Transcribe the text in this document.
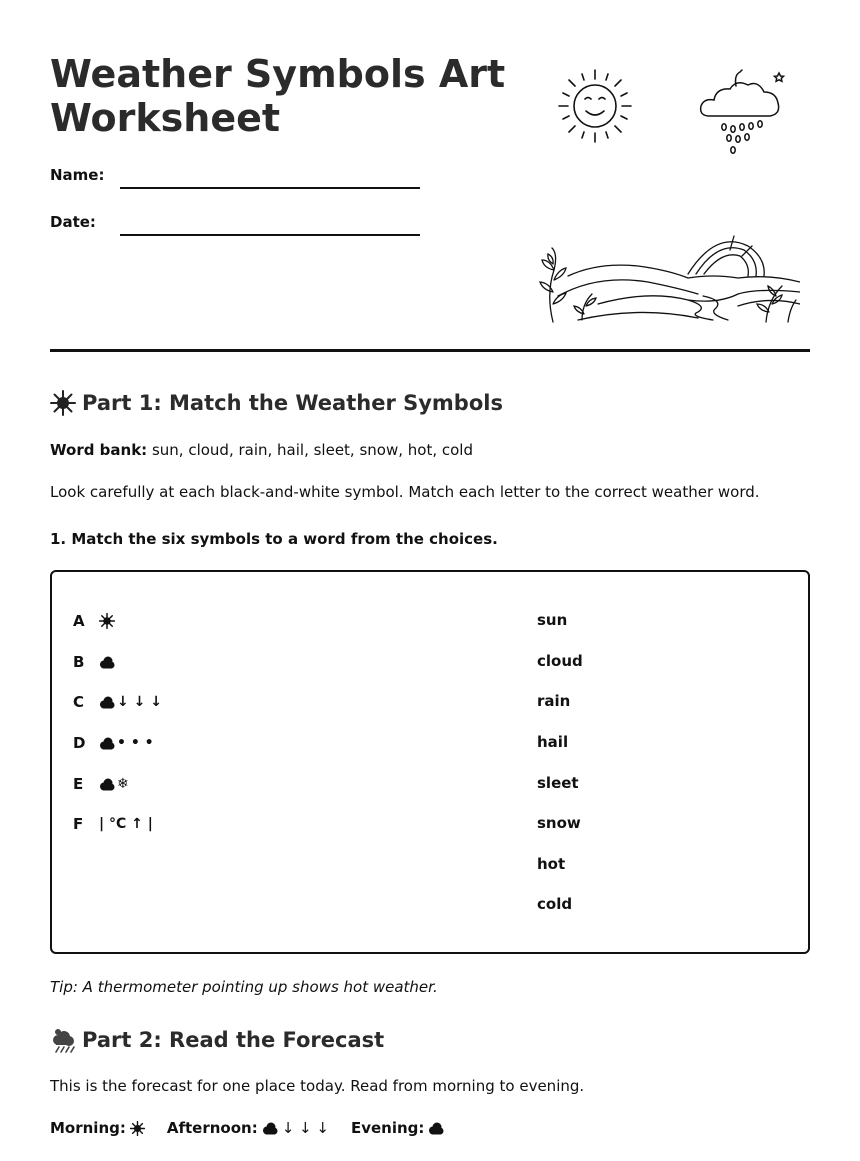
Weather Symbols Art Worksheet
Name:
Date:
Part 1: Match the Weather Symbols

Word bank: sun, cloud, rain, hail, sleet, snow, hot, cold

Look carefully at each black-and-white symbol. Match each letter to the correct weather word.

1. Match the six symbols to a word from the choices.

A
B
C ↓ ↓ ↓
D • • •
E ❄
F | °C ↑ |
sun
cloud
rain
hail
sleet
snow
hot
cold

Tip: A thermometer pointing up shows hot weather.

Part 2: Read the Forecast

This is the forecast for one place today. Read from morning to evening.

Morning:	Afternoon: ↓ ↓ ↓ Evening:
